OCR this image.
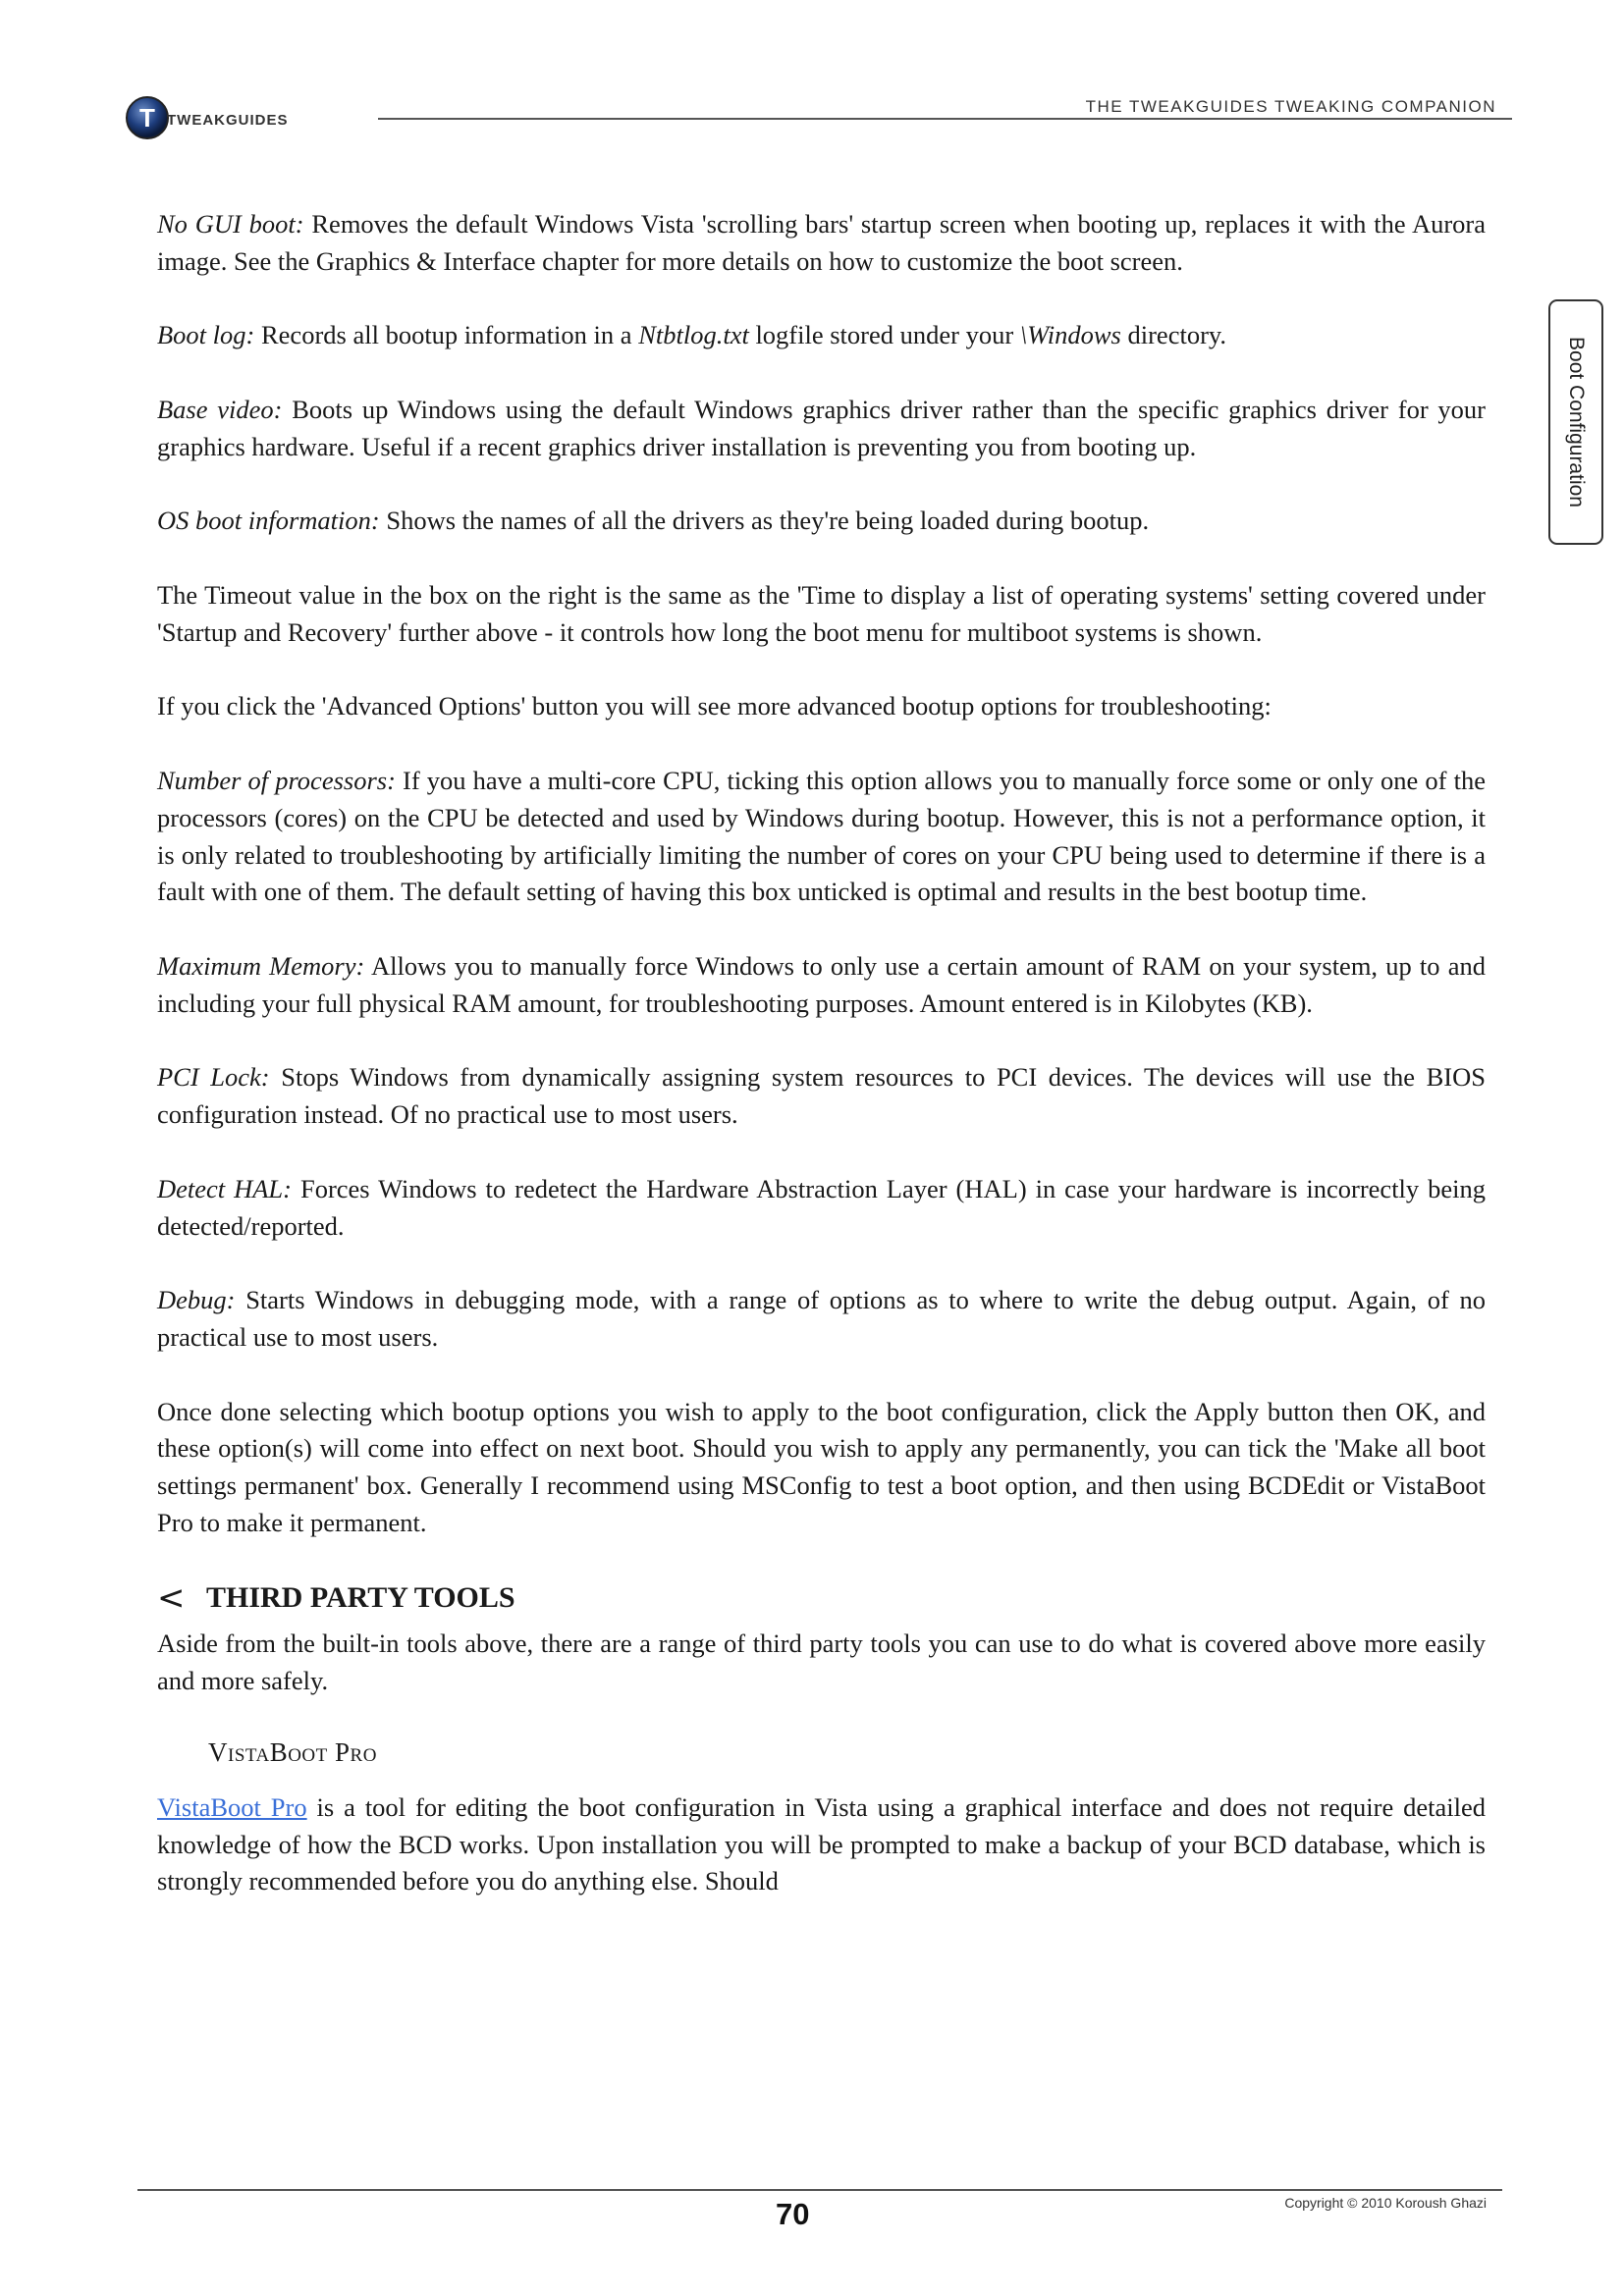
T TWEAKGUIDES
THE TWEAKGUIDES TWEAKING COMPANION
Boot Configuration

No GUI boot: Removes the default Windows Vista 'scrolling bars' startup screen when booting up, replaces it with the Aurora image. See the Graphics & Interface chapter for more details on how to customize the boot screen.

Boot log: Records all bootup information in a Ntbtlog.txt logfile stored under your \Windows directory.

Base video: Boots up Windows using the default Windows graphics driver rather than the specific graphics driver for your graphics hardware. Useful if a recent graphics driver installation is preventing you from booting up.

OS boot information: Shows the names of all the drivers as they're being loaded during bootup.

The Timeout value in the box on the right is the same as the 'Time to display a list of operating systems' setting covered under 'Startup and Recovery' further above - it controls how long the boot menu for multiboot systems is shown.

If you click the 'Advanced Options' button you will see more advanced bootup options for troubleshooting:

Number of processors: If you have a multi-core CPU, ticking this option allows you to manually force some or only one of the processors (cores) on the CPU be detected and used by Windows during bootup. However, this is not a performance option, it is only related to troubleshooting by artificially limiting the number of cores on your CPU being used to determine if there is a fault with one of them. The default setting of having this box unticked is optimal and results in the best bootup time.

Maximum Memory: Allows you to manually force Windows to only use a certain amount of RAM on your system, up to and including your full physical RAM amount, for troubleshooting purposes. Amount entered is in Kilobytes (KB).

PCI Lock: Stops Windows from dynamically assigning system resources to PCI devices. The devices will use the BIOS configuration instead. Of no practical use to most users.

Detect HAL: Forces Windows to redetect the Hardware Abstraction Layer (HAL) in case your hardware is incorrectly being detected/reported.

Debug: Starts Windows in debugging mode, with a range of options as to where to write the debug output. Again, of no practical use to most users.

Once done selecting which bootup options you wish to apply to the boot configuration, click the Apply button then OK, and these option(s) will come into effect on next boot. Should you wish to apply any permanently, you can tick the 'Make all boot settings permanent' box. Generally I recommend using MSConfig to test a boot option, and then using BCDEdit or VistaBoot Pro to make it permanent.

< THIRD PARTY TOOLS

Aside from the built-in tools above, there are a range of third party tools you can use to do what is covered above more easily and more safely.

VistaBoot Pro

VistaBoot Pro is a tool for editing the boot configuration in Vista using a graphical interface and does not require detailed knowledge of how the BCD works. Upon installation you will be prompted to make a backup of your BCD database, which is strongly recommended before you do anything else. Should

Copyright © 2010 Koroush Ghazi
70
